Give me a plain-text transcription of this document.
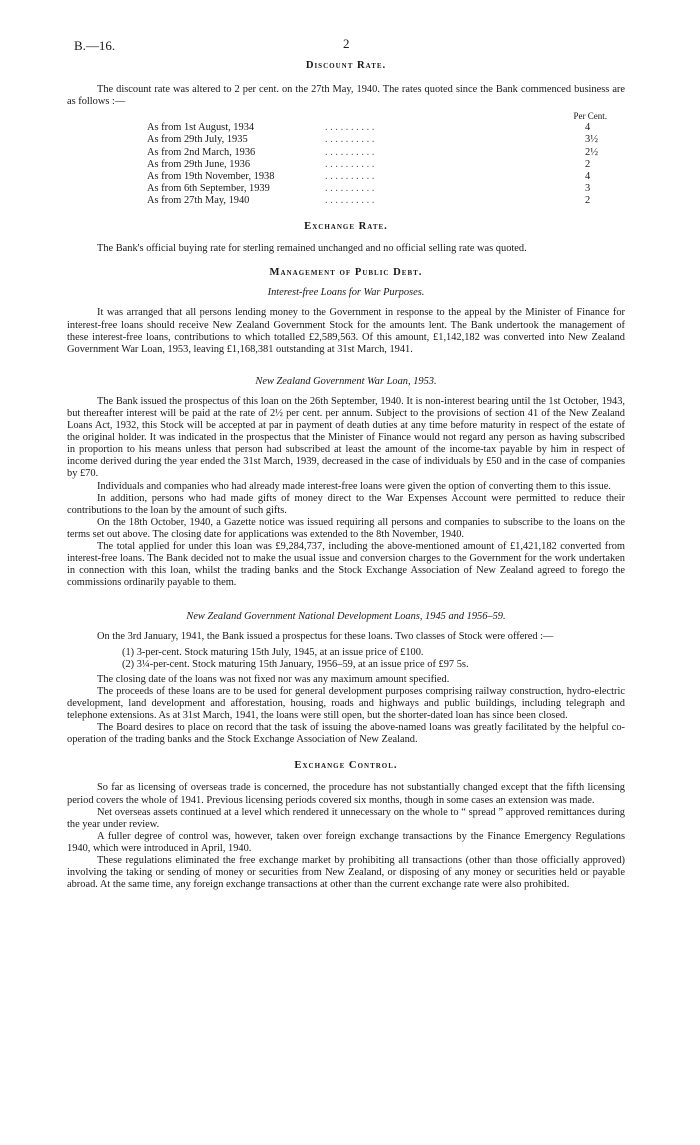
B.—16.	2
Discount Rate.

The discount rate was altered to 2 per cent. on the 27th May, 1940. The rates quoted since the Bank commenced business are as follows :—

Per Cent.
As from 1st August, 1934	. . . . . . . . . .	4
As from 29th July, 1935	. . . . . . . . . .	3½
As from 2nd March, 1936	. . . . . . . . . .	2½
As from 29th June, 1936	. . . . . . . . . .	2
As from 19th November, 1938	. . . . . . . . . .	4
As from 6th September, 1939	. . . . . . . . . .	3
As from 27th May, 1940	. . . . . . . . . .	2
Exchange Rate.

The Bank's official buying rate for sterling remained unchanged and no official selling rate was quoted.

Management of Public Debt.
Interest-free Loans for War Purposes.

It was arranged that all persons lending money to the Government in response to the appeal by the Minister of Finance for interest-free loans should receive New Zealand Government Stock for the amounts lent. The Bank undertook the management of these interest-free loans, contributions to which totalled £2,589,563. Of this amount, £1,142,182 was converted into New Zealand Government War Loan, 1953, leaving £1,168,381 outstanding at 31st March, 1941.

New Zealand Government War Loan, 1953.

The Bank issued the prospectus of this loan on the 26th September, 1940. It is non-interest bearing until the 1st October, 1943, but thereafter interest will be paid at the rate of 2½ per cent. per annum. Subject to the provisions of section 41 of the New Zealand Loans Act, 1932, this Stock will be accepted at par in payment of death duties at any time before maturity in respect of the estate of the original holder. It was indicated in the prospectus that the Minister of Finance would not regard any person as having subscribed in proportion to his means unless that person had subscribed at least the amount of the income-tax payable by him in respect of income derived during the year ended the 31st March, 1939, decreased in the case of individuals by £50 and in the case of companies by £70.

Individuals and companies who had already made interest-free loans were given the option of converting them to this issue.

In addition, persons who had made gifts of money direct to the War Expenses Account were permitted to reduce their contributions to the loan by the amount of such gifts.

On the 18th October, 1940, a Gazette notice was issued requiring all persons and companies to subscribe to the loans on the terms set out above. The closing date for applications was extended to the 8th November, 1940.

The total applied for under this loan was £9,284,737, including the above-mentioned amount of £1,421,182 converted from interest-free loans. The Bank decided not to make the usual issue and conversion charges to the Government for the work undertaken in connection with this loan, whilst the trading banks and the Stock Exchange Association of New Zealand agreed to forego the commissions ordinarily payable to them.

New Zealand Government National Development Loans, 1945 and 1956–59.

On the 3rd January, 1941, the Bank issued a prospectus for these loans. Two classes of Stock were offered :—

(1) 3-per-cent. Stock maturing 15th July, 1945, at an issue price of £100.
(2) 3¼-per-cent. Stock maturing 15th January, 1956–59, at an issue price of £97 5s.

The closing date of the loans was not fixed nor was any maximum amount specified.

The proceeds of these loans are to be used for general development purposes comprising railway construction, hydro-electric development, land development and afforestation, housing, roads and highways and public buildings, including telegraph and telephone extensions. As at 31st March, 1941, the loans were still open, but the shorter-dated loan has since been closed.

The Board desires to place on record that the task of issuing the above-named loans was greatly facilitated by the helpful co-operation of the trading banks and the Stock Exchange Association of New Zealand.

Exchange Control.

So far as licensing of overseas trade is concerned, the procedure has not substantially changed except that the fifth licensing period covers the whole of 1941. Previous licensing periods covered six months, though in some cases an extension was made.

Net overseas assets continued at a level which rendered it unnecessary on the whole to “ spread ” approved remittances during the year under review.

A fuller degree of control was, however, taken over foreign exchange transactions by the Finance Emergency Regulations 1940, which were introduced in April, 1940.

These regulations eliminated the free exchange market by prohibiting all transactions (other than those officially approved) involving the taking or sending of money or securities from New Zealand, or disposing of any money or securities held or payable abroad. At the same time, any foreign exchange transactions at other than the current exchange rate were also prohibited.
